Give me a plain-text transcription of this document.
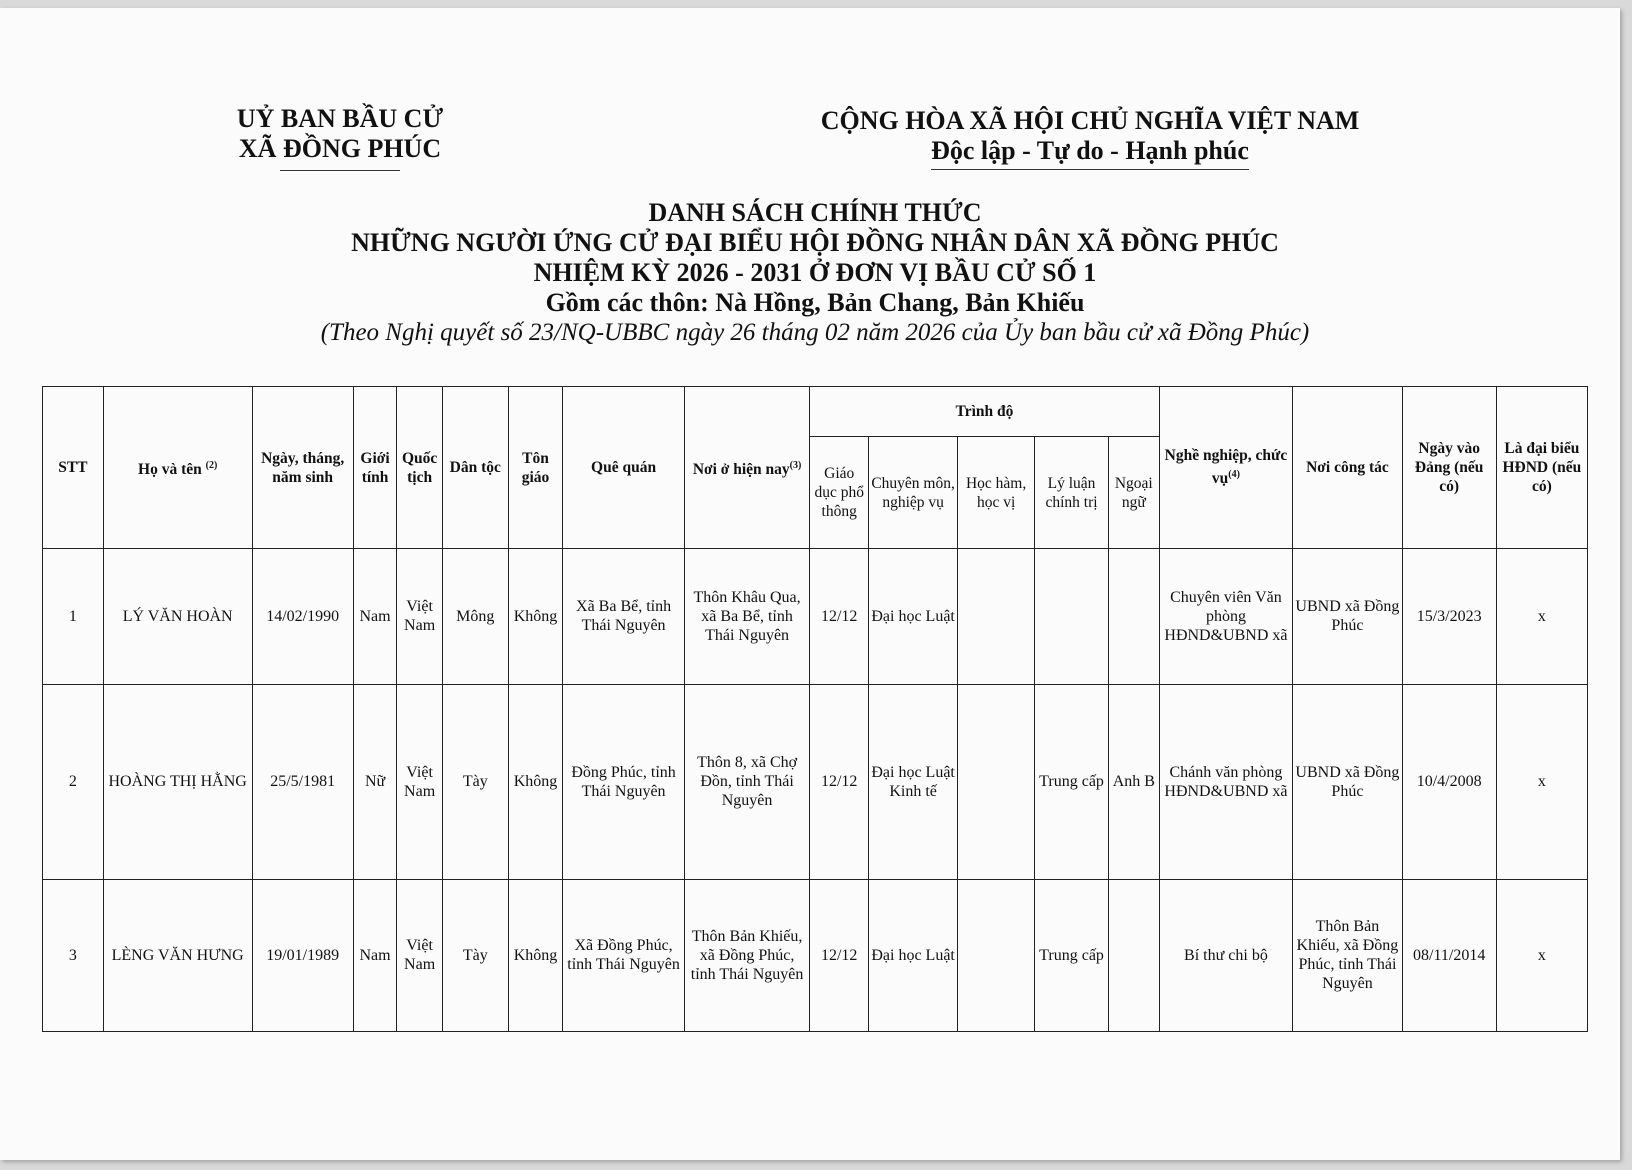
UỶ BAN BẦU CỬ
XÃ ĐỒNG PHÚC
CỘNG HÒA XÃ HỘI CHỦ NGHĨA VIỆT NAM
Độc lập - Tự do - Hạnh phúc
DANH SÁCH CHÍNH THỨC
NHỮNG NGƯỜI ỨNG CỬ ĐẠI BIỂU HỘI ĐỒNG NHÂN DÂN XÃ ĐỒNG PHÚC
NHIỆM KỲ 2026 - 2031 Ở ĐƠN VỊ BẦU CỬ SỐ 1
Gồm các thôn: Nà Hồng, Bản Chang, Bản Khiếu
(Theo Nghị quyết số 23/NQ-UBBC ngày 26 tháng 02 năm 2026 của Ủy ban bầu cử xã Đồng Phúc)
STT	Họ và tên $^{(2)}$	Ngày, tháng, năm sinh	Giới tính	Quốc tịch	Dân tộc	Tôn giáo	Quê quán	Nơi ở hiện nay$^{(3)}$	Trình độ					Nghề nghiệp, chức vụ$^{(4)}$	Nơi công tác	Ngày vào Đảng (nếu có)	Là đại biểu HĐND (nếu có)
									Giáo dục phổ thông	Chuyên môn, nghiệp vụ	Học hàm, học vị	Lý luận chính trị	Ngoại ngữ				
1	LÝ VĂN HOÀN	14/02/1990	Nam	Việt Nam	Mông	Không	Xã Ba Bể, tỉnh Thái Nguyên	Thôn Khâu Qua, xã Ba Bể, tỉnh Thái Nguyên	12/12	Đại học Luật				Chuyên viên Văn phòng HĐND&UBND xã	UBND xã Đồng Phúc	15/3/2023	x
2	HOÀNG THỊ HẰNG	25/5/1981	Nữ	Việt Nam	Tày	Không	Đồng Phúc, tỉnh Thái Nguyên	Thôn 8, xã Chợ Đồn, tỉnh Thái Nguyên	12/12	Đại học Luật Kinh tế		Trung cấp	Anh B	Chánh văn phòng HĐND&UBND xã	UBND xã Đồng Phúc	10/4/2008	x
3	LÈNG VĂN HƯNG	19/01/1989	Nam	Việt Nam	Tày	Không	Xã Đồng Phúc, tỉnh Thái Nguyên	Thôn Bản Khiếu, xã Đồng Phúc, tỉnh Thái Nguyên	12/12	Đại học Luật		Trung cấp		Bí thư chi bộ	Thôn Bản Khiếu, xã Đồng Phúc, tỉnh Thái Nguyên	08/11/2014	x
